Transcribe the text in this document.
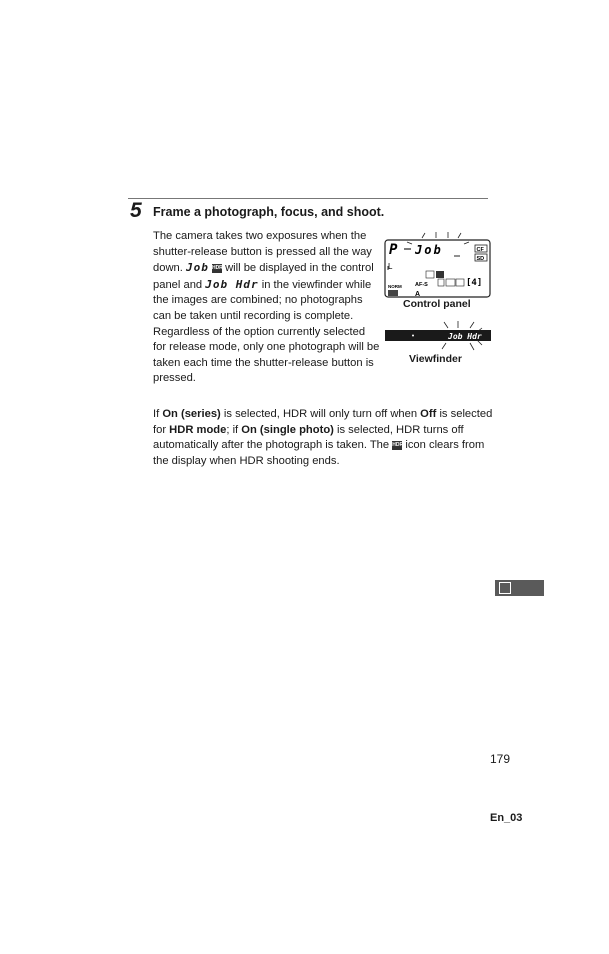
5 Frame a photograph, focus, and shoot.
The camera takes two exposures when the shutter-release button is pressed all the way down. Job HDR will be displayed in the control panel and Job Hdr in the viewfinder while the images are combined; no photographs can be taken until recording is complete. Regardless of the option currently selected for release mode, only one photograph will be taken each time the shutter-release button is pressed.
P Job	CF
SD
L
AF-S	[4]
NORM
A
Control panel
Job Hdr
Viewfinder
If On (series) is selected, HDR will only turn off when Off is selected for HDR mode; if On (single photo) is selected, HDR turns off automatically after the photograph is taken. The HDR icon clears from the display when HDR shooting ends.
179
En_03
